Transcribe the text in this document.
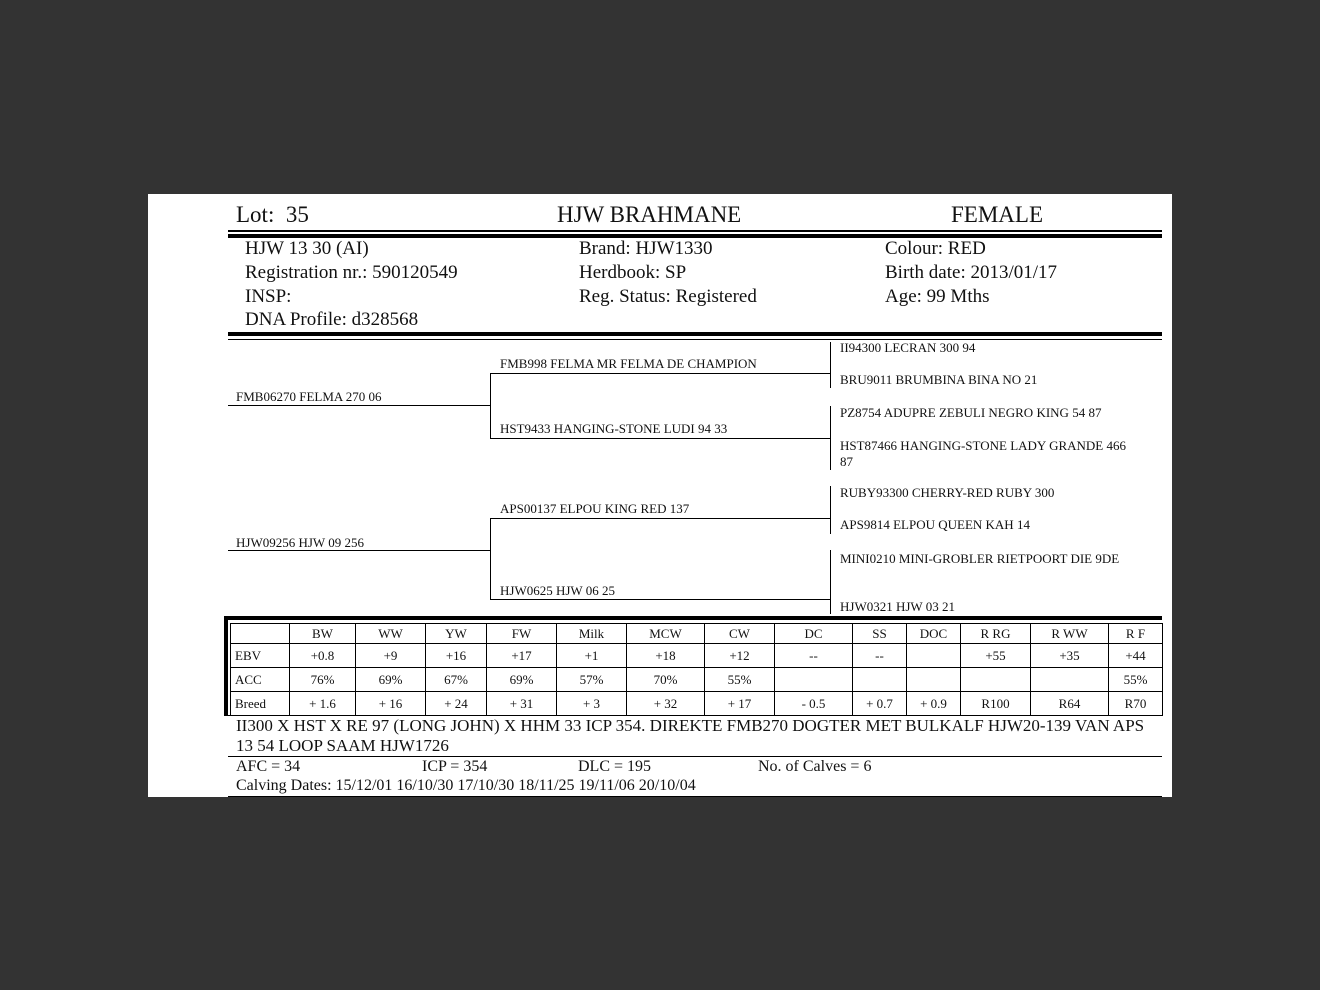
Lot: 35	HJW BRAHMANE	FEMALE
HJW 13 30 (AI)
Registration nr.: 590120549
INSP:
DNA Profile: d328568
Brand: HJW1330
Herdbook: SP
Reg. Status: Registered
Colour: RED
Birth date: 2013/01/17
Age: 99 Mths
FMB06270 FELMA 270 06
HJW09256 HJW 09 256
FMB998 FELMA MR FELMA DE CHAMPION
HST9433 HANGING-STONE LUDI 94 33
APS00137 ELPOU KING RED 137
HJW0625 HJW 06 25
II94300 LECRAN 300 94
BRU9011 BRUMBINA BINA NO 21
PZ8754 ADUPRE ZEBULI NEGRO KING 54 87
HST87466 HANGING-STONE LADY GRANDE 466 87
RUBY93300 CHERRY-RED RUBY 300
APS9814 ELPOU QUEEN KAH 14
MINI0210 MINI-GROBLER RIETPOORT DIE 9DE
HJW0321 HJW 03 21
	BW	WW	YW	FW	Milk	MCW	CW	DC	SS	DOC	R RG	R WW	R F
EBV	+0.8	+9	+16	+17	+1	+18	+12	--	--		+55	+35	+44
ACC	76%	69%	67%	69%	57%	70%	55%						55%
Breed	+ 1.6	+ 16	+ 24	+ 31	+ 3	+ 32	+ 17	- 0.5	+ 0.7	+ 0.9	R100	R64	R70
II300 X HST X RE 97 (LONG JOHN) X HHM 33 ICP 354. DIREKTE FMB270 DOGTER MET BULKALF HJW20-139 VAN APS 13 54 LOOP SAAM HJW1726
AFC = 34	ICP = 354	DLC = 195	No. of Calves = 6
Calving Dates: 15/12/01 16/10/30 17/10/30 18/11/25 19/11/06 20/10/04
